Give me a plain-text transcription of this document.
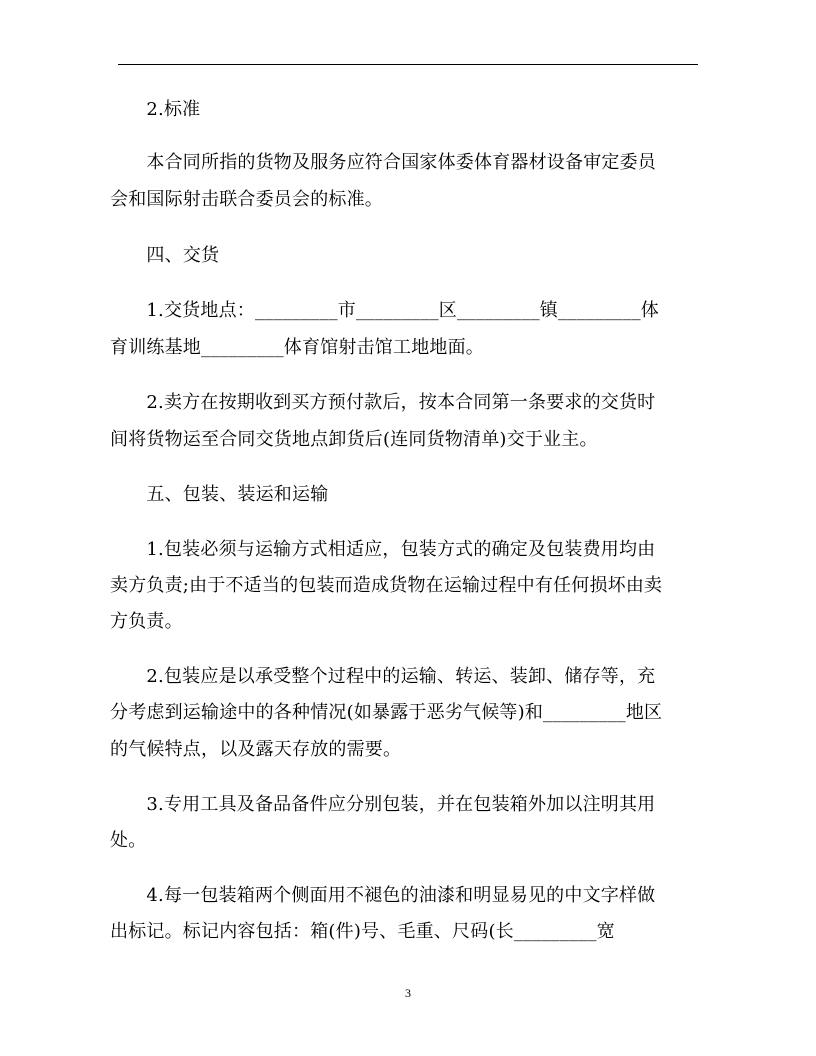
　　2.标准
　　本合同所指的货物及服务应符合国家体委体育器材设备审定委员
会和国际射击联合委员会的标准。
　　四、交货
　　1.交货地点：_________市_________区_________镇_________体
育训练基地_________体育馆射击馆工地地面。
　　2.卖方在按期收到买方预付款后，按本合同第一条要求的交货时
间将货物运至合同交货地点卸货后(连同货物清单)交于业主。
　　五、包装、装运和运输
　　1.包装必须与运输方式相适应，包装方式的确定及包装费用均由
卖方负责;由于不适当的包装而造成货物在运输过程中有任何损坏由卖
方负责。
　　2.包装应是以承受整个过程中的运输、转运、装卸、储存等，充
分考虑到运输途中的各种情况(如暴露于恶劣气候等)和_________地区
的气候特点，以及露天存放的需要。
　　3.专用工具及备品备件应分别包装，并在包装箱外加以注明其用
处。
　　4.每一包装箱两个侧面用不褪色的油漆和明显易见的中文字样做
出标记。标记内容包括：箱(件)号、毛重、尺码(长_________宽
3
